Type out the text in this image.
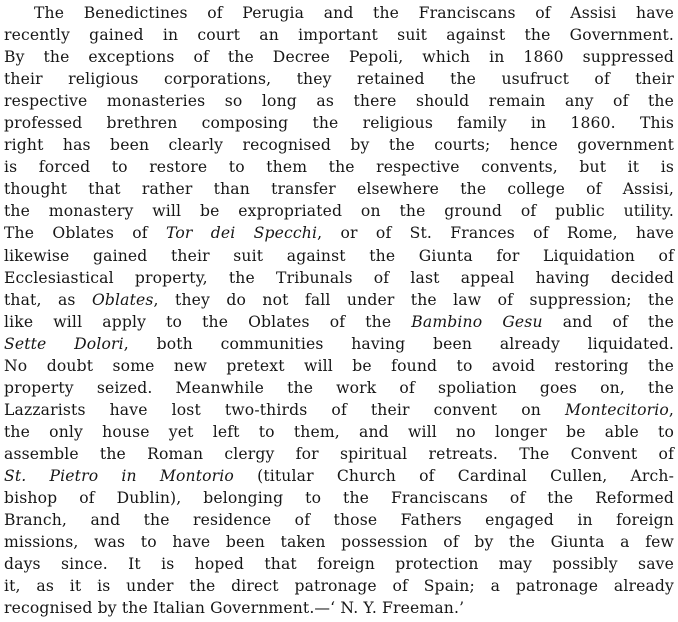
The Benedictines of Perugia and the Franciscans of Assisi have
recently gained in court an important suit against the Government.
By the exceptions of the Decree Pepoli, which in 1860 suppressed
their religious corporations, they retained the usufruct of their
respective monasteries so long as there should remain any of the
professed brethren composing the religious family in 1860. This
right has been clearly recognised by the courts; hence government
is forced to restore to them the respective convents, but it is
thought that rather than transfer elsewhere the college of Assisi,
the monastery will be expropriated on the ground of public utility.
The Oblates of Tor dei Specchi, or of St. Frances of Rome, have
likewise gained their suit against the Giunta for Liquidation of
Ecclesiastical property, the Tribunals of last appeal having decided
that, as Oblates, they do not fall under the law of suppression; the
like will apply to the Oblates of the Bambino Gesu and of the
Sette Dolori, both communities having been already liquidated.
No doubt some new pretext will be found to avoid restoring the
property seized. Meanwhile the work of spoliation goes on, the
Lazzarists have lost two-thirds of their convent on Montecitorio,
the only house yet left to them, and will no longer be able to
assemble the Roman clergy for spiritual retreats. The Convent of
St. Pietro in Montorio (titular Church of Cardinal Cullen, Arch-
bishop of Dublin), belonging to the Franciscans of the Reformed
Branch, and the residence of those Fathers engaged in foreign
missions, was to have been taken possession of by the Giunta a few
days since. It is hoped that foreign protection may possibly save
it, as it is under the direct patronage of Spain; a patronage already
recognised by the Italian Government.—‘ N. Y. Freeman.’
